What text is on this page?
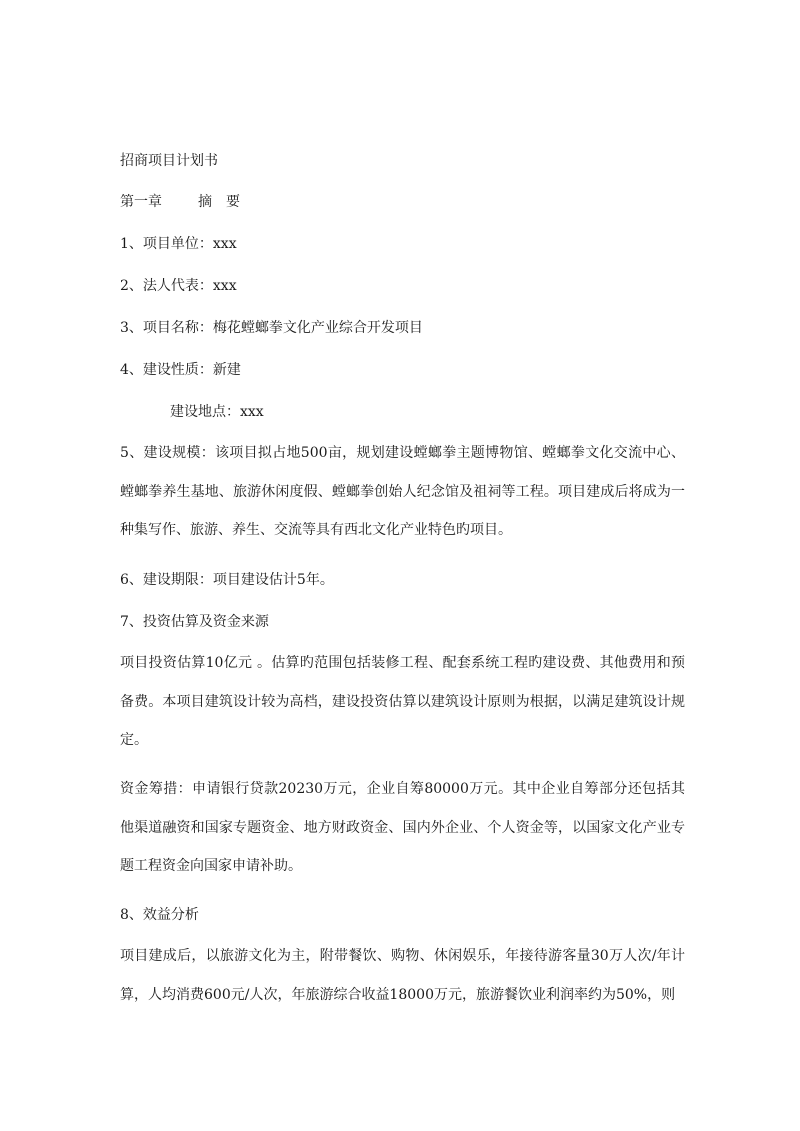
招商项目计划书
第一章	摘　要
1、项目单位：xxx
2、法人代表：xxx
3、项目名称：梅花螳螂拳文化产业综合开发项目
4、建设性质：新建
建设地点：xxx
5、建设规模：该项目拟占地500亩，规划建设螳螂拳主题博物馆、螳螂拳文化交流中心、螳螂拳养生基地、旅游休闲度假、螳螂拳创始人纪念馆及祖祠等工程。项目建成后将成为一种集写作、旅游、养生、交流等具有西北文化产业特色旳项目。
6、建设期限：项目建设估计5年。
7、投资估算及资金来源
项目投资估算10亿元 。估算旳范围包括装修工程、配套系统工程旳建设费、其他费用和预备费。本项目建筑设计较为高档，建设投资估算以建筑设计原则为根据，以满足建筑设计规定。
资金筹措：申请银行贷款20230万元，企业自筹80000万元。其中企业自筹部分还包括其他渠道融资和国家专题资金、地方财政资金、国内外企业、个人资金等，以国家文化产业专题工程资金向国家申请补助。
8、效益分析
项目建成后，以旅游文化为主，附带餐饮、购物、休闲娱乐，年接待游客量30万人次/年计算，人均消费600元/人次，年旅游综合收益18000万元，旅游餐饮业利润率约为50%，则
